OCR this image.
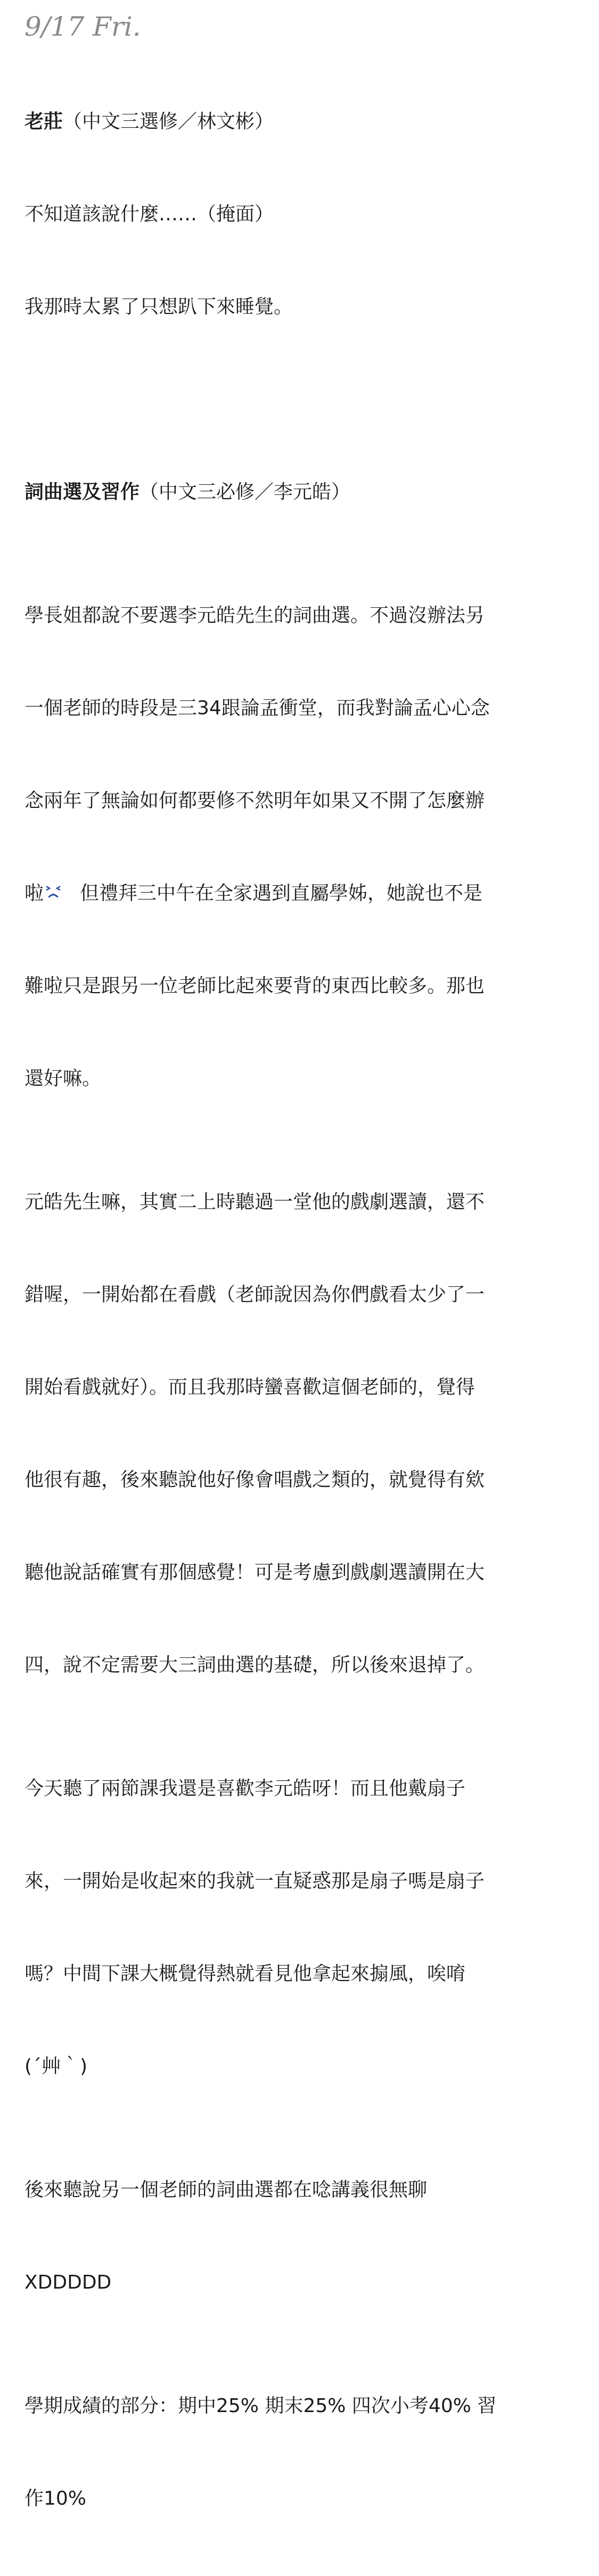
9/17 Fri.

老莊（中文三選修／林文彬）

不知道該說什麼……（掩面）

我那時太累了只想趴下來睡覺。

詞曲選及習作（中文三必修／李元皓）

學長姐都說不要選李元皓先生的詞曲選。不過沒辦法另

一個老師的時段是三34跟論孟衝堂，而我對論孟心心念

念兩年了無論如何都要修不然明年如果又不開了怎麼辦

啦 但禮拜三中午在全家遇到直屬學姊，她說也不是

難啦只是跟另一位老師比起來要背的東西比較多。那也

還好嘛。

元皓先生嘛，其實二上時聽過一堂他的戲劇選讀，還不

錯喔，一開始都在看戲（老師說因為你們戲看太少了一

開始看戲就好）。而且我那時蠻喜歡這個老師的，覺得

他很有趣，後來聽說他好像會唱戲之類的，就覺得有欸

聽他說話確實有那個感覺！可是考慮到戲劇選讀開在大

四，說不定需要大三詞曲選的基礎，所以後來退掉了。

今天聽了兩節課我還是喜歡李元皓呀！而且他戴扇子

來，一開始是收起來的我就一直疑惑那是扇子嗎是扇子

嗎？中間下課大概覺得熱就看見他拿起來搧風，唉唷

(´艸｀)

後來聽說另一個老師的詞曲選都在唸講義很無聊

XDDDDD

學期成績的部分：期中25% 期末25% 四次小考40% 習

作10%
